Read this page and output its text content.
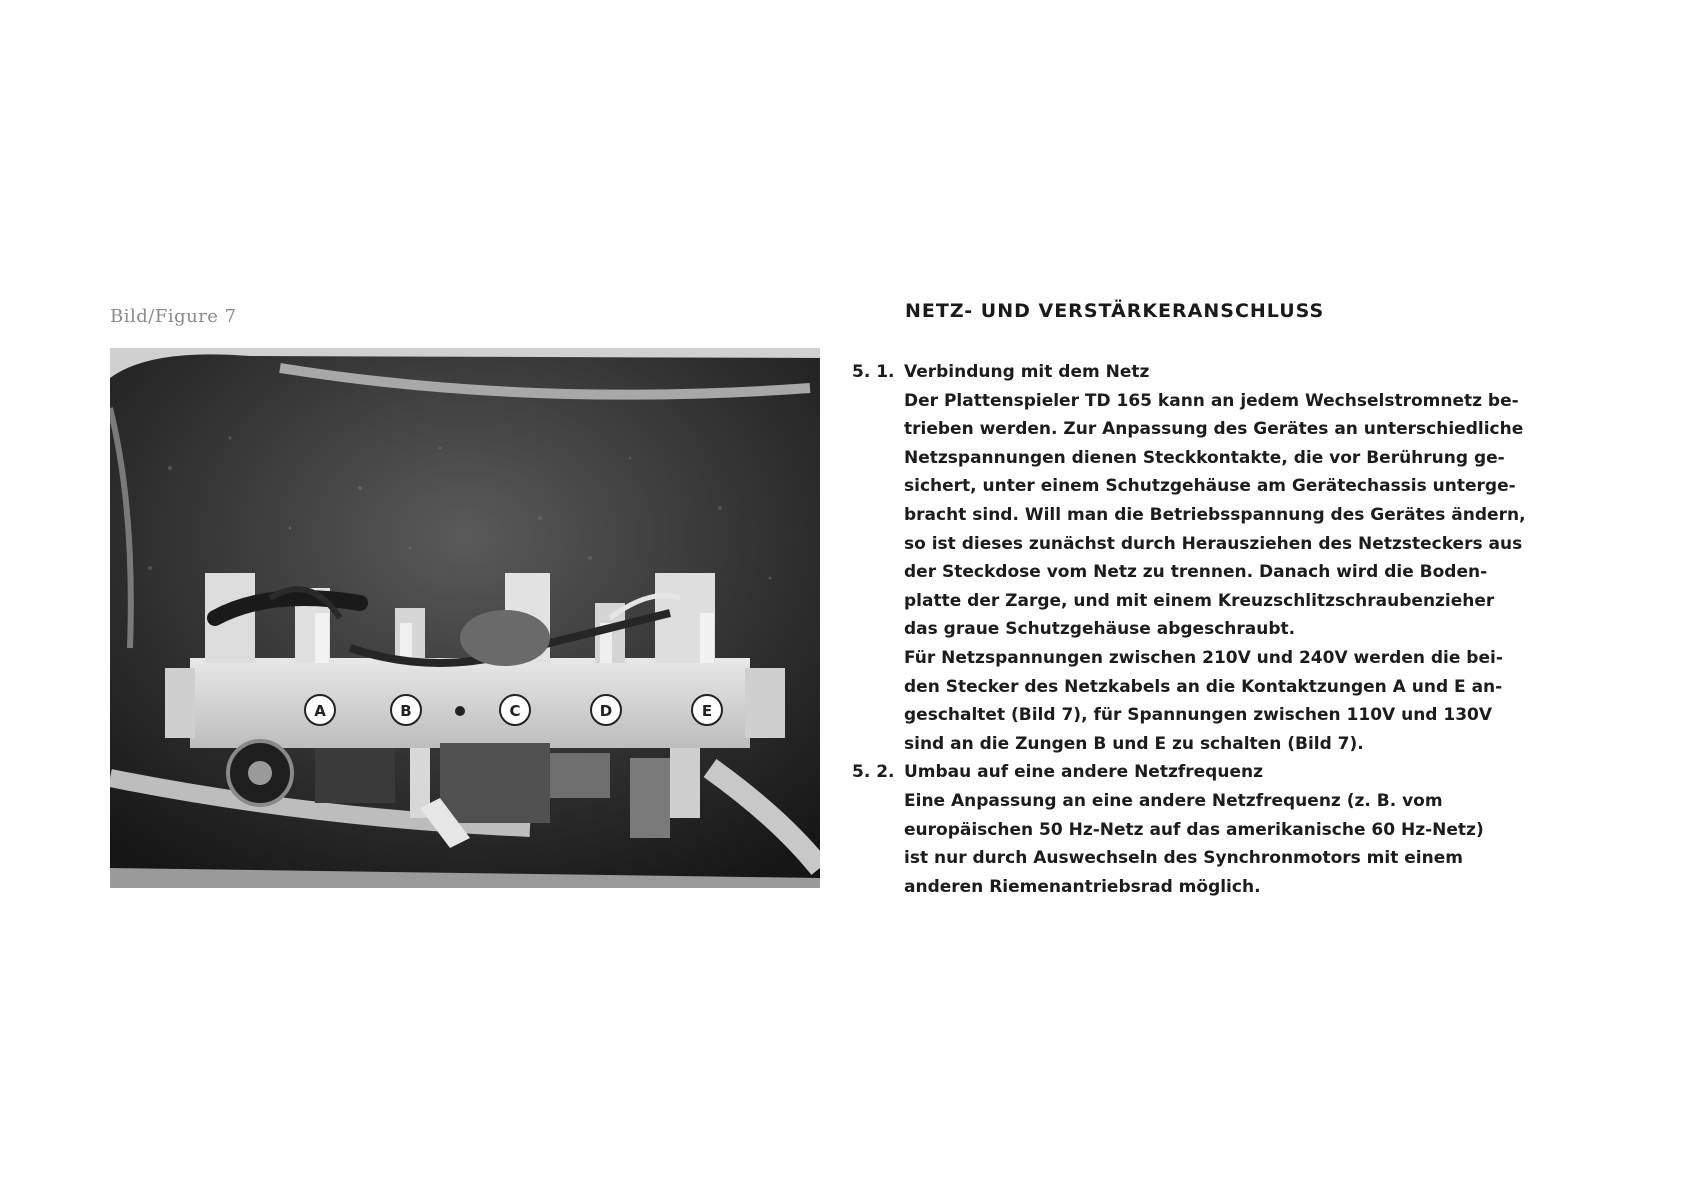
Bild/Figure 7
A	B	C	D	E
NETZ- UND VERSTÄRKERANSCHLUSS
5. 1. Verbindung mit dem Netz
Der Plattenspieler TD 165 kann an jedem Wechselstromnetz be-
trieben werden. Zur Anpassung des Gerätes an unterschiedliche
Netzspannungen dienen Steckkontakte, die vor Berührung ge-
sichert, unter einem Schutzgehäuse am Gerätechassis unterge-
bracht sind. Will man die Betriebsspannung des Gerätes ändern,
so ist dieses zunächst durch Herausziehen des Netzsteckers aus
der Steckdose vom Netz zu trennen. Danach wird die Boden-
platte der Zarge, und mit einem Kreuzschlitzschraubenzieher
das graue Schutzgehäuse abgeschraubt.
Für Netzspannungen zwischen 210V und 240V werden die bei-
den Stecker des Netzkabels an die Kontaktzungen A und E an-
geschaltet (Bild 7), für Spannungen zwischen 110V und 130V
sind an die Zungen B und E zu schalten (Bild 7).
5. 2. Umbau auf eine andere Netzfrequenz
Eine Anpassung an eine andere Netzfrequenz (z. B. vom
europäischen 50 Hz-Netz auf das amerikanische 60 Hz-Netz)
ist nur durch Auswechseln des Synchronmotors mit einem
anderen Riemenantriebsrad möglich.
